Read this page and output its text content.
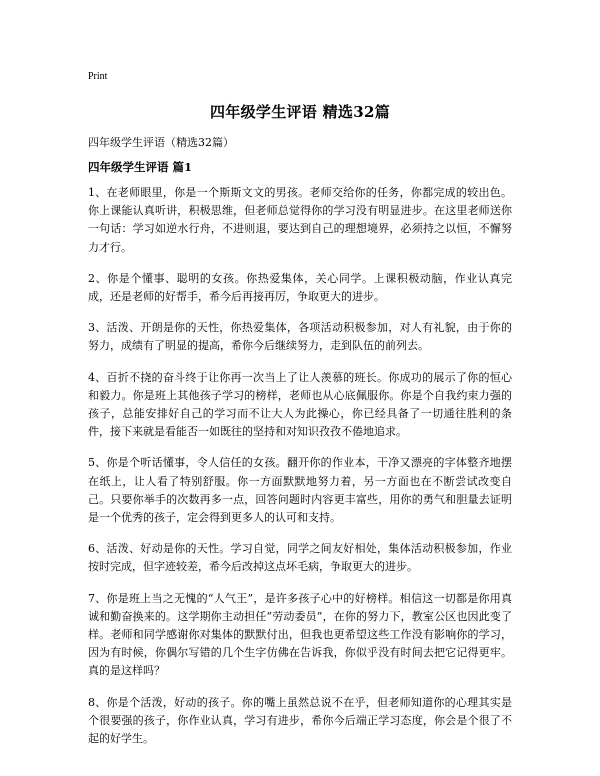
Print
四年级学生评语 精选32篇
四年级学生评语（精选32篇）
四年级学生评语 篇1

1、在老师眼里，你是一个斯斯文文的男孩。老师交给你的任务，你都完成的较出色。你上课能认真听讲，积极思维，但老师总觉得你的学习没有明显进步。在这里老师送你一句话：学习如逆水行舟，不进则退，要达到自己的理想境界，必须持之以恒，不懈努力才行。

2、你是个懂事、聪明的女孩。你热爱集体，关心同学。上课积极动脑，作业认真完成，还是老师的好帮手，希今后再接再厉，争取更大的进步。

3、活泼、开朗是你的天性，你热爱集体，各项活动积极参加，对人有礼貌，由于你的努力，成绩有了明显的提高，希你今后继续努力，走到队伍的前列去。

4、百折不挠的奋斗终于让你再一次当上了让人羡慕的班长。你成功的展示了你的恒心和毅力。你是班上其他孩子学习的榜样，老师也从心底佩服你。你是个自我约束力强的孩子，总能安排好自己的学习而不让大人为此操心，你已经具备了一切通往胜利的条件，接下来就是看能否一如既往的坚持和对知识孜孜不倦地追求。

5、你是个听话懂事，令人信任的女孩。翻开你的作业本，干净又漂亮的字体整齐地摆在纸上，让人看了特别舒服。你一方面默默地努力着，另一方面也在不断尝试改变自己。只要你举手的次数再多一点，回答问题时内容更丰富些，用你的勇气和胆量去证明是一个优秀的孩子，定会得到更多人的认可和支持。

6、活泼、好动是你的天性。学习自觉，同学之间友好相处，集体活动积极参加，作业按时完成，但字迹较差，希今后改掉这点坏毛病，争取更大的进步。

7、你是班上当之无愧的“人气王”，是许多孩子心中的好榜样。相信这一切都是你用真诚和勤奋换来的。这学期你主动担任“劳动委员”，在你的努力下，教室公区也因此变了样。老师和同学感谢你对集体的默默付出，但我也更希望这些工作没有影响你的学习，因为有时候，你偶尔写错的几个生字仿佛在告诉我，你似乎没有时间去把它记得更牢。真的是这样吗？

8、你是个活泼，好动的孩子。你的嘴上虽然总说不在乎，但老师知道你的心理其实是个很要强的孩子，你作业认真，学习有进步，希你今后端正学习态度，你会是个很了不起的好学生。
